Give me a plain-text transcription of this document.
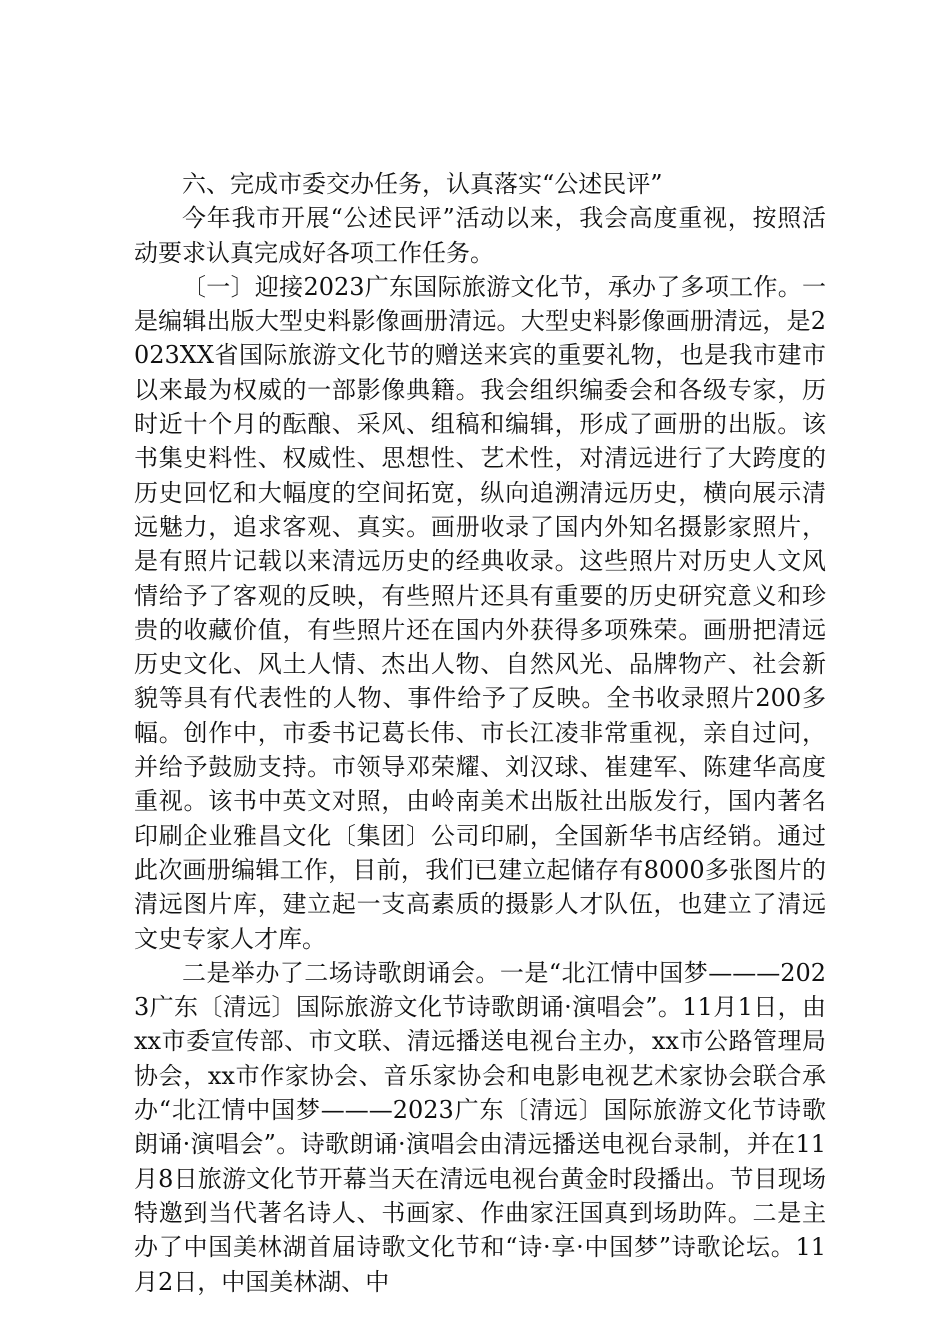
六、完成市委交办任务，认真落实“公述民评”

今年我市开展“公述民评”活动以来，我会高度重视，按照活动要求认真完成好各项工作任务。

〔一〕迎接2023广东国际旅游文化节，承办了多项工作。一是编辑出版大型史料影像画册清远。大型史料影像画册清远，是2023XX省国际旅游文化节的赠送来宾的重要礼物，也是我市建市以来最为权威的一部影像典籍。我会组织编委会和各级专家，历时近十个月的酝酿、采风、组稿和编辑，形成了画册的出版。该书集史料性、权威性、思想性、艺术性，对清远进行了大跨度的历史回忆和大幅度的空间拓宽，纵向追溯清远历史，横向展示清远魅力，追求客观、真实。画册收录了国内外知名摄影家照片，是有照片记载以来清远历史的经典收录。这些照片对历史人文风情给予了客观的反映，有些照片还具有重要的历史研究意义和珍贵的收藏价值，有些照片还在国内外获得多项殊荣。画册把清远历史文化、风土人情、杰出人物、自然风光、品牌物产、社会新貌等具有代表性的人物、事件给予了反映。全书收录照片200多幅。创作中，市委书记葛长伟、市长江凌非常重视，亲自过问，并给予鼓励支持。市领导邓荣耀、刘汉球、崔建军、陈建华高度重视。该书中英文对照，由岭南美术出版社出版发行，国内著名印刷企业雅昌文化〔集团〕公司印刷，全国新华书店经销。通过此次画册编辑工作，目前，我们已建立起储存有8000多张图片的清远图片库，建立起一支高素质的摄影人才队伍，也建立了清远文史专家人才库。

二是举办了二场诗歌朗诵会。一是“北江情中国梦———2023广东〔清远〕国际旅游文化节诗歌朗诵·演唱会”。11月1日，由xx市委宣传部、市文联、清远播送电视台主办，xx市公路管理局协会，xx市作家协会、音乐家协会和电影电视艺术家协会联合承办“北江情中国梦———2023广东〔清远〕国际旅游文化节诗歌朗诵·演唱会”。诗歌朗诵·演唱会由清远播送电视台录制，并在11月8日旅游文化节开幕当天在清远电视台黄金时段播出。节目现场特邀到当代著名诗人、书画家、作曲家汪国真到场助阵。二是主办了中国美林湖首届诗歌文化节和“诗·享·中国梦”诗歌论坛。11月2日，中国美林湖、中
